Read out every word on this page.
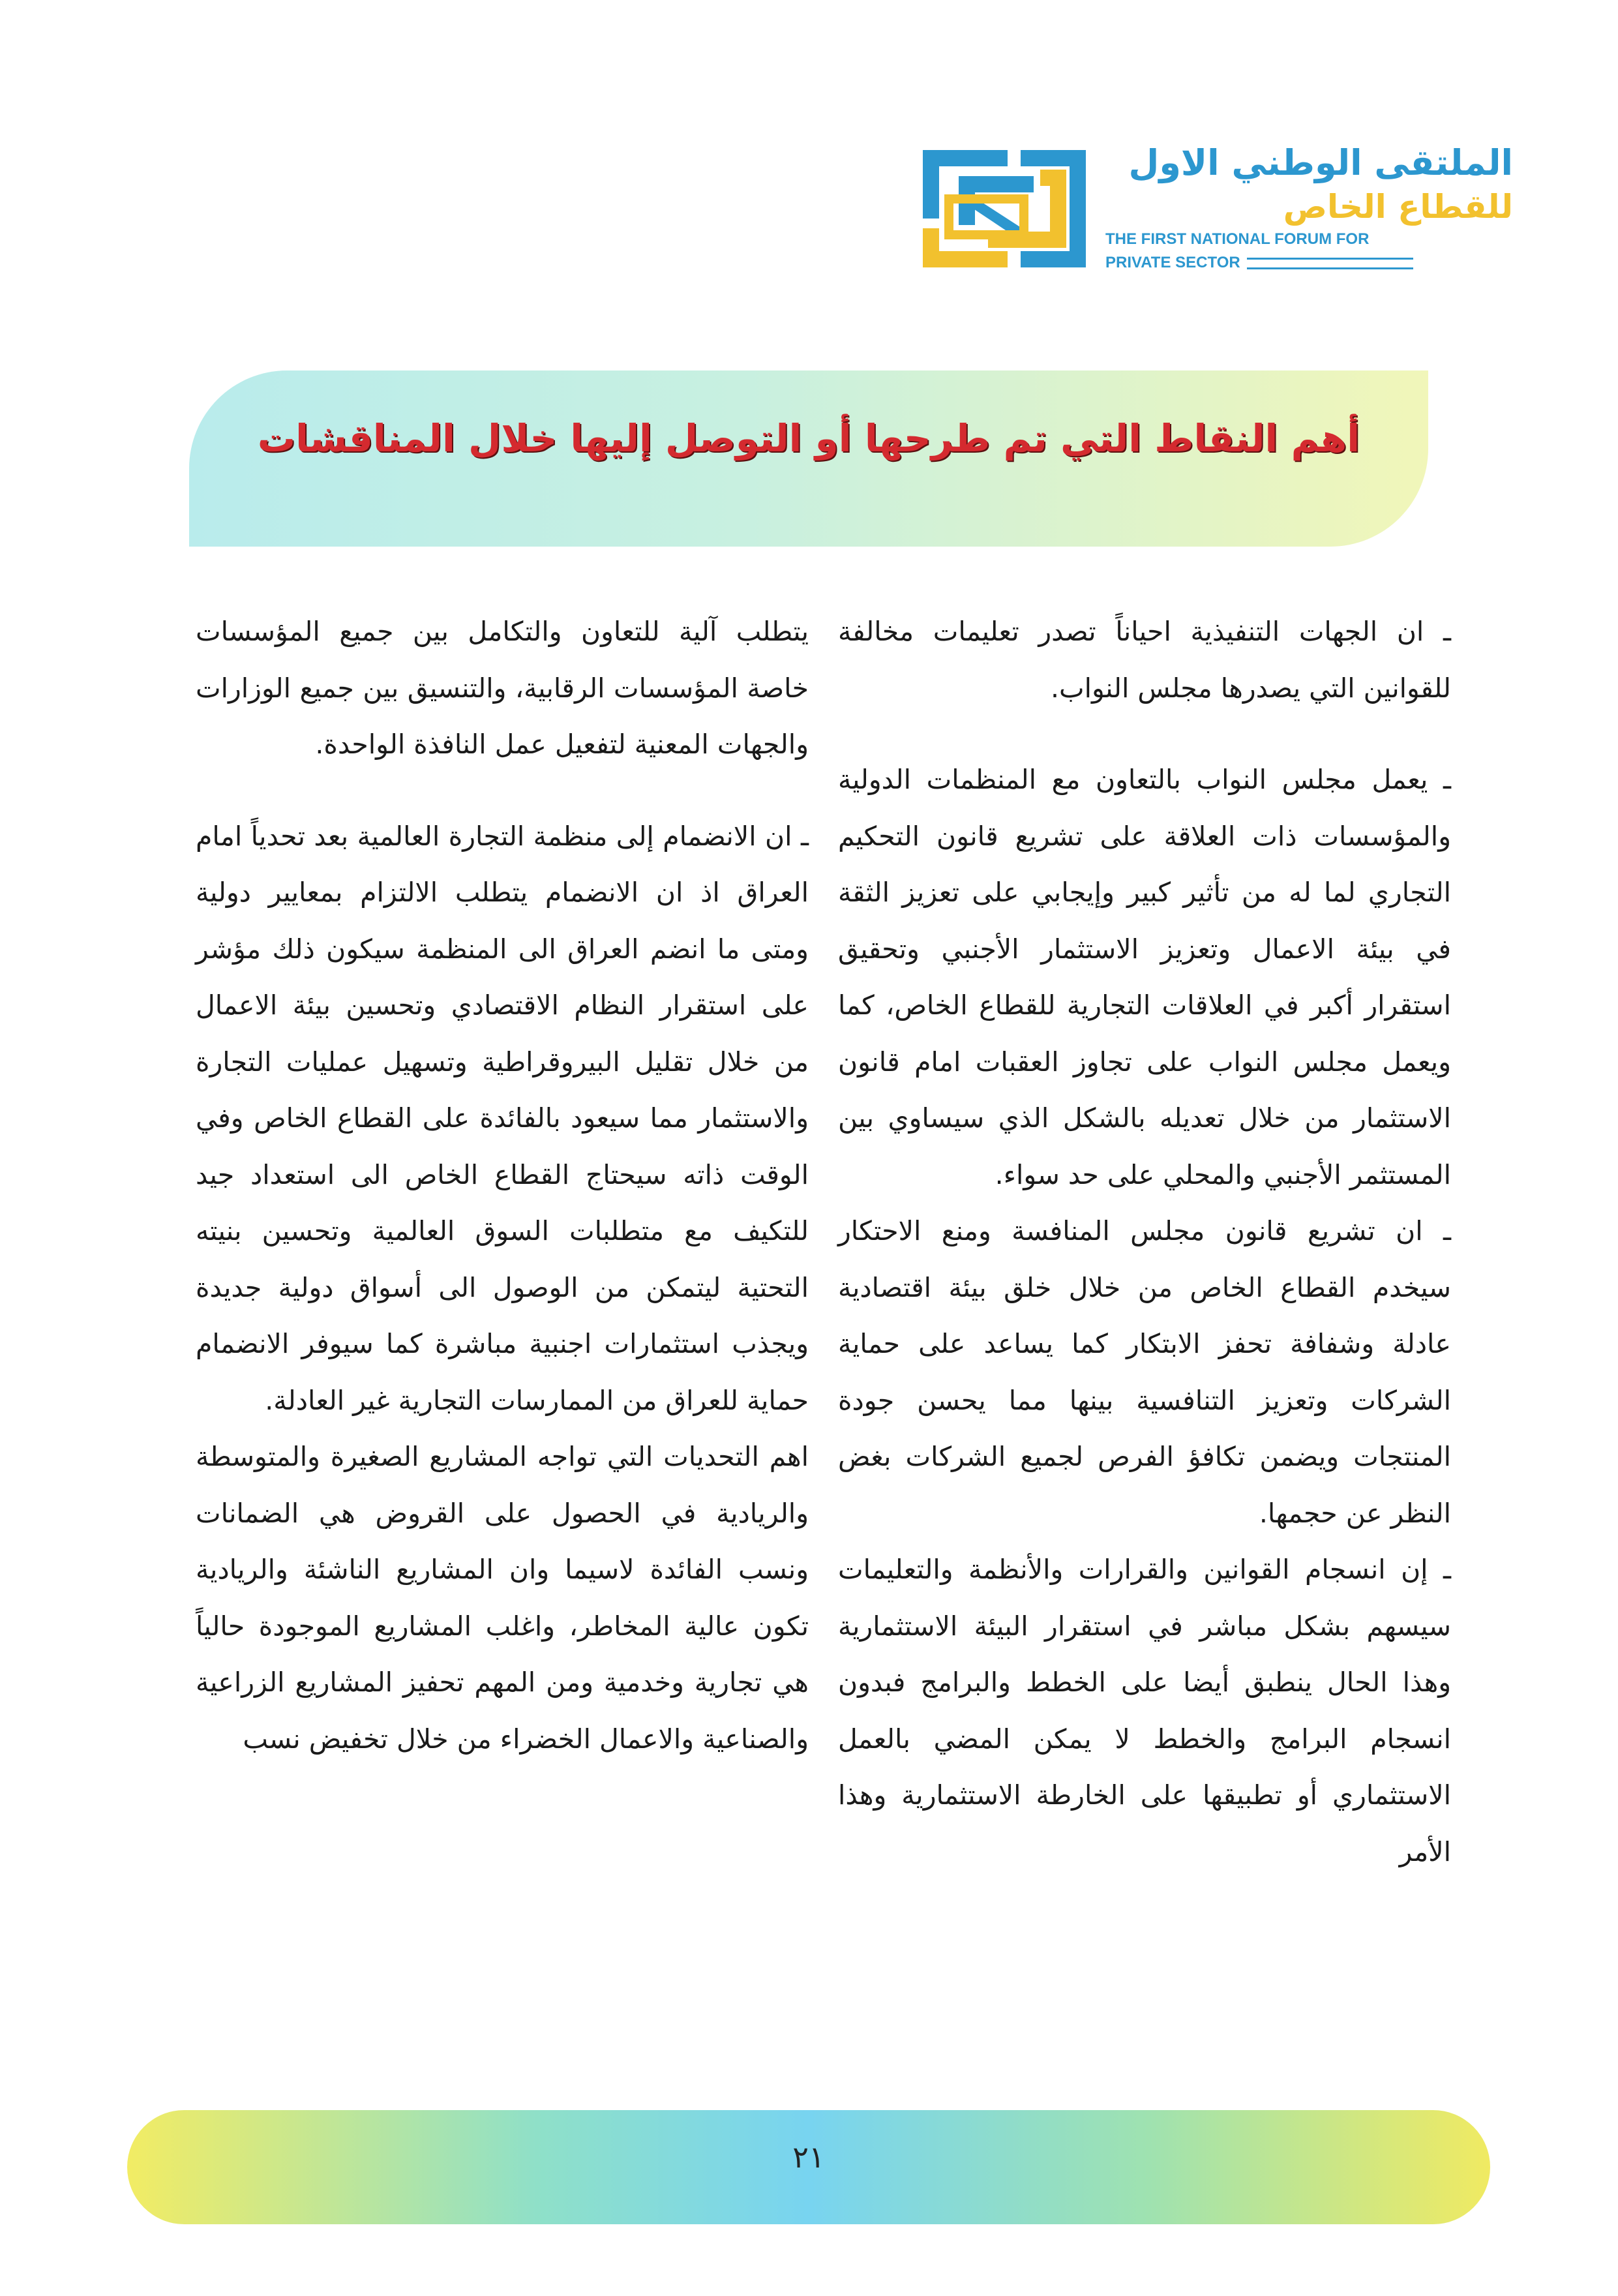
الملتقى الوطني الاول
للقطاع الخاص
THE FIRST NATIONAL FORUM FOR
PRIVATE SECTOR
أهم النقاط التي تم طرحها أو التوصل إليها خلال المناقشات

ـ ان الجهات التنفيذية احياناً تصدر تعليمات مخالفة للقوانين التي يصدرها مجلس النواب.

ـ يعمل مجلس النواب بالتعاون مع المنظمات الدولية والمؤسسات ذات العلاقة على تشريع قانون التحكيم التجاري لما له من تأثير كبير وإيجابي على تعزيز الثقة في بيئة الاعمال وتعزيز الاستثمار الأجنبي وتحقيق استقرار أكبر في العلاقات التجارية للقطاع الخاص، كما ويعمل مجلس النواب على تجاوز العقبات امام قانون الاستثمار من خلال تعديله بالشكل الذي سيساوي بين المستثمر الأجنبي والمحلي على حد سواء.

ـ ان تشريع قانون مجلس المنافسة ومنع الاحتكار سيخدم القطاع الخاص من خلال خلق بيئة اقتصادية عادلة وشفافة تحفز الابتكار كما يساعد على حماية الشركات وتعزيز التنافسية بينها مما يحسن جودة المنتجات ويضمن تكافؤ الفرص لجميع الشركات بغض النظر عن حجمها.

ـ إن انسجام القوانين والقرارات والأنظمة والتعليمات سيسهم بشكل مباشر في استقرار البيئة الاستثمارية وهذا الحال ينطبق أيضا على الخطط والبرامج فبدون انسجام البرامج والخطط لا يمكن المضي بالعمل الاستثماري أو تطبيقها على الخارطة الاستثمارية وهذا الأمر

يتطلب آلية للتعاون والتكامل بين جميع المؤسسات خاصة المؤسسات الرقابية، والتنسيق بين جميع الوزارات والجهات المعنية لتفعيل عمل النافذة الواحدة.

ـ ان الانضمام إلى منظمة التجارة العالمية بعد تحدياً امام العراق اذ ان الانضمام يتطلب الالتزام بمعايير دولية ومتى ما انضم العراق الى المنظمة سيكون ذلك مؤشر على استقرار النظام الاقتصادي وتحسين بيئة الاعمال من خلال تقليل البيروقراطية وتسهيل عمليات التجارة والاستثمار مما سيعود بالفائدة على القطاع الخاص وفي الوقت ذاته سيحتاج القطاع الخاص الى استعداد جيد للتكيف مع متطلبات السوق العالمية وتحسين بنيته التحتية ليتمكن من الوصول الى أسواق دولية جديدة ويجذب استثمارات اجنبية مباشرة كما سيوفر الانضمام حماية للعراق من الممارسات التجارية غير العادلة.

اهم التحديات التي تواجه المشاريع الصغيرة والمتوسطة والريادية في الحصول على القروض هي الضمانات ونسب الفائدة لاسيما وان المشاريع الناشئة والريادية تكون عالية المخاطر، واغلب المشاريع الموجودة حالياً هي تجارية وخدمية ومن المهم تحفيز المشاريع الزراعية والصناعية والاعمال الخضراء من خلال تخفيض نسب

٢١
